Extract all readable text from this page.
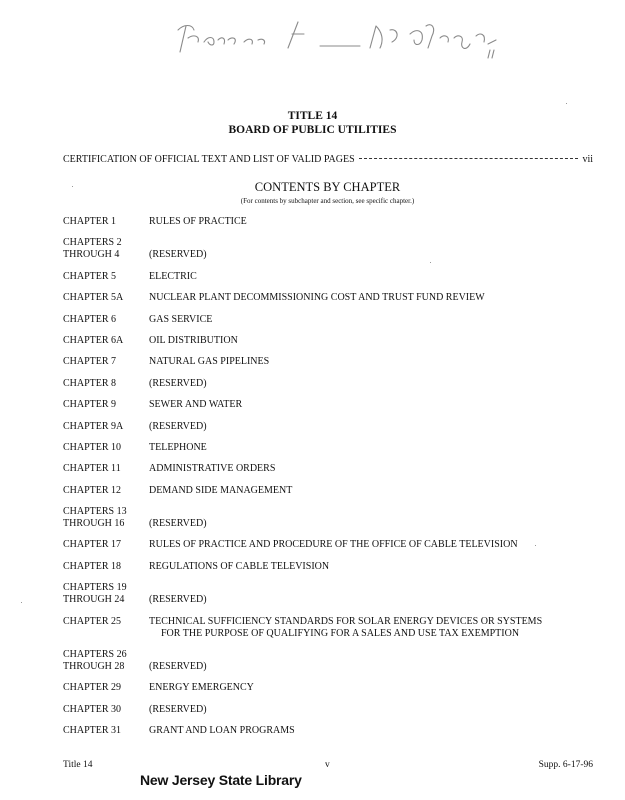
TITLE 14
BOARD OF PUBLIC UTILITIES
CERTIFICATION OF OFFICIAL TEXT AND LIST OF VALID PAGES	vii
CONTENTS BY CHAPTER
(For contents by subchapter and section, see specific chapter.)
CHAPTER 1	RULES OF PRACTICE
CHAPTERS 2
THROUGH 4	(RESERVED)
CHAPTER 5	ELECTRIC
CHAPTER 5A	NUCLEAR PLANT DECOMMISSIONING COST AND TRUST FUND REVIEW
CHAPTER 6	GAS SERVICE
CHAPTER 6A	OIL DISTRIBUTION
CHAPTER 7	NATURAL GAS PIPELINES
CHAPTER 8	(RESERVED)
CHAPTER 9	SEWER AND WATER
CHAPTER 9A	(RESERVED)
CHAPTER 10	TELEPHONE
CHAPTER 11	ADMINISTRATIVE ORDERS
CHAPTER 12	DEMAND SIDE MANAGEMENT
CHAPTERS 13
THROUGH 16	(RESERVED)
CHAPTER 17	RULES OF PRACTICE AND PROCEDURE OF THE OFFICE OF CABLE TELEVISION
CHAPTER 18	REGULATIONS OF CABLE TELEVISION
CHAPTERS 19
THROUGH 24	(RESERVED)
CHAPTER 25	TECHNICAL SUFFICIENCY STANDARDS FOR SOLAR ENERGY DEVICES OR SYSTEMS
FOR THE PURPOSE OF QUALIFYING FOR A SALES AND USE TAX EXEMPTION
CHAPTERS 26
THROUGH 28	(RESERVED)
CHAPTER 29	ENERGY EMERGENCY
CHAPTER 30	(RESERVED)
CHAPTER 31	GRANT AND LOAN PROGRAMS
Title 14	v	Supp. 6-17-96
New Jersey State Library
